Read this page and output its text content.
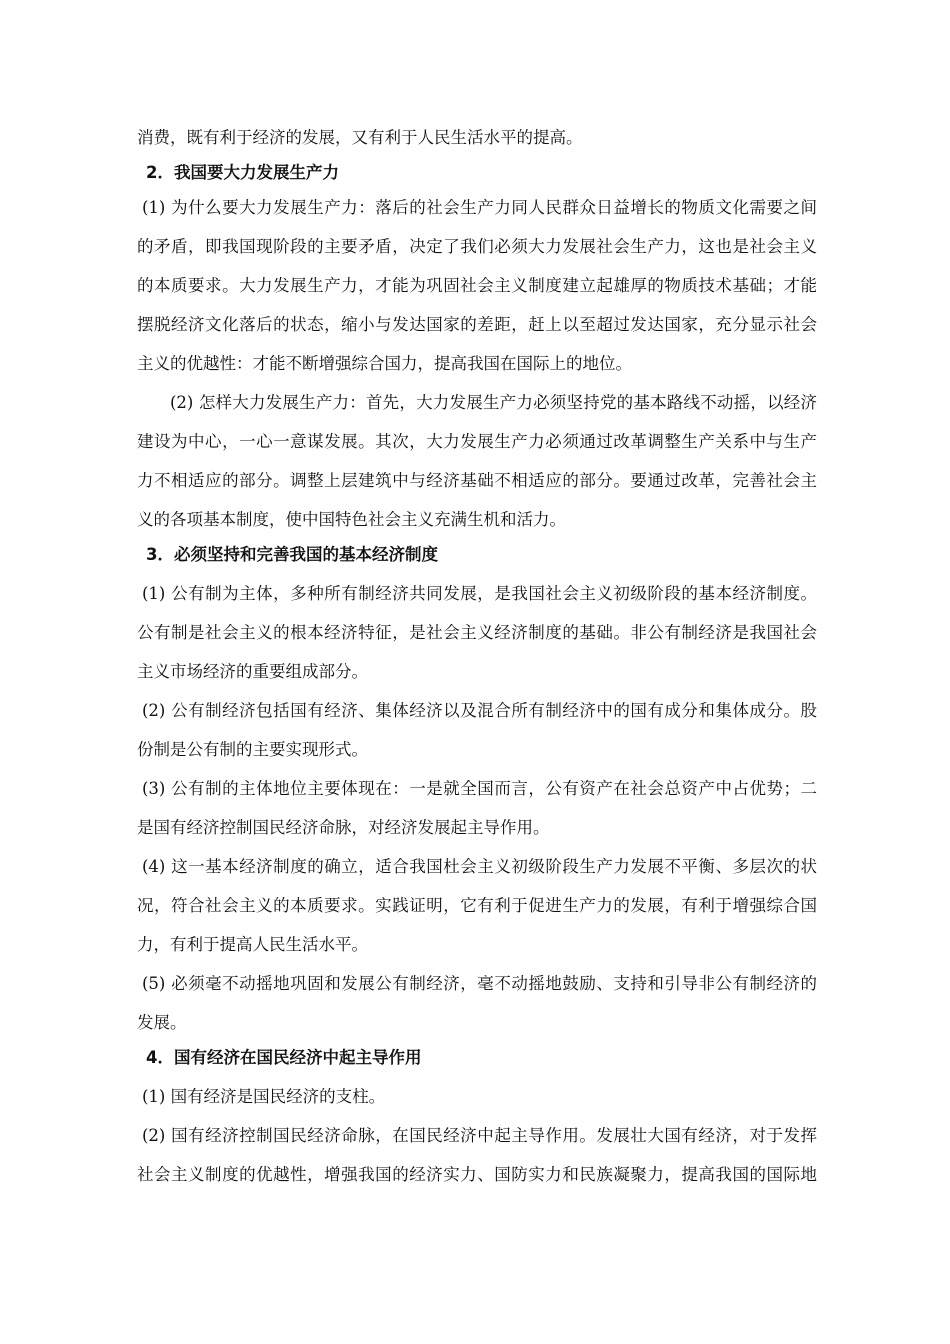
消费，既有利于经济的发展，又有利于人民生活水平的提高。
2．我国要大力发展生产力
(1) 为什么要大力发展生产力：落后的社会生产力同人民群众日益增长的物质文化需要之间
的矛盾，即我国现阶段的主要矛盾，决定了我们必须大力发展社会生产力，这也是社会主义
的本质要求。大力发展生产力，才能为巩固社会主义制度建立起雄厚的物质技术基础；才能
摆脱经济文化落后的状态，缩小与发达国家的差距，赶上以至超过发达国家，充分显示社会
主义的优越性：才能不断增强综合国力，提高我国在国际上的地位。
(2) 怎样大力发展生产力：首先，大力发展生产力必须坚持党的基本路线不动摇，以经济
建设为中心，一心一意谋发展。其次，大力发展生产力必须通过改革调整生产关系中与生产
力不相适应的部分。调整上层建筑中与经济基础不相适应的部分。要通过改革，完善社会主
义的各项基本制度，使中国特色社会主义充满生机和活力。
3．必须坚持和完善我国的基本经济制度
(1) 公有制为主体，多种所有制经济共同发展，是我国社会主义初级阶段的基本经济制度。
公有制是社会主义的根本经济特征，是社会主义经济制度的基础。非公有制经济是我国社会
主义市场经济的重要组成部分。
(2) 公有制经济包括国有经济、集体经济以及混合所有制经济中的国有成分和集体成分。股
份制是公有制的主要实现形式。
(3) 公有制的主体地位主要体现在：一是就全国而言，公有资产在社会总资产中占优势；二
是国有经济控制国民经济命脉，对经济发展起主导作用。
(4) 这一基本经济制度的确立，适合我国杜会主义初级阶段生产力发展不平衡、多层次的状
况，符合社会主义的本质要求。实践证明，它有利于促进生产力的发展，有利于增强综合国
力，有利于提高人民生活水平。
(5) 必须毫不动摇地巩固和发展公有制经济，毫不动摇地鼓励、支持和引导非公有制经济的
发展。
4．国有经济在国民经济中起主导作用
(1) 国有经济是国民经济的支柱。
(2) 国有经济控制国民经济命脉，在国民经济中起主导作用。发展壮大国有经济，对于发挥
社会主义制度的优越性，增强我国的经济实力、国防实力和民族凝聚力，提高我国的国际地
